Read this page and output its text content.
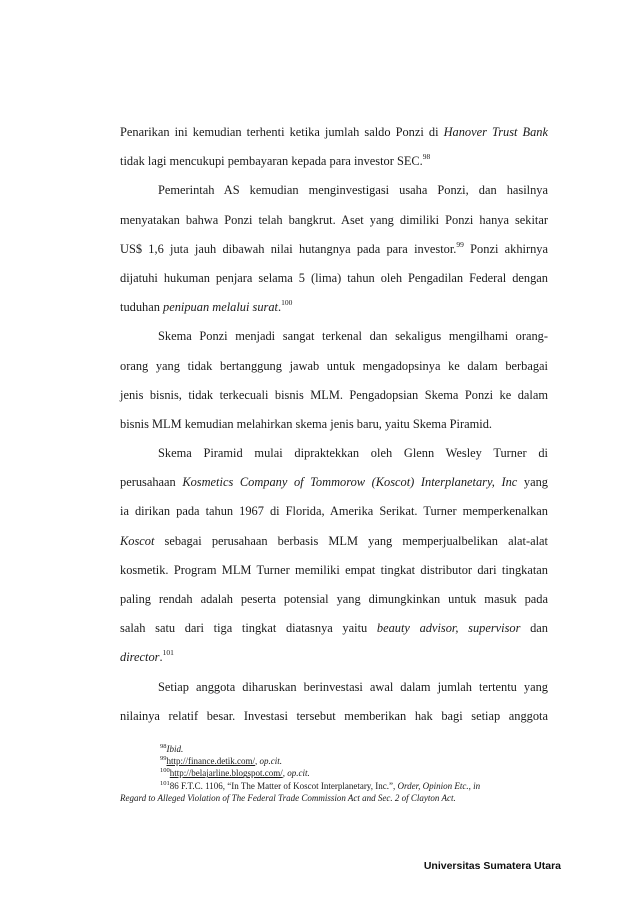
Penarikan ini kemudian terhenti ketika jumlah saldo Ponzi di Hanover Trust Bank
tidak lagi mencukupi pembayaran kepada para investor SEC.$^{98}$
Pemerintah AS kemudian menginvestigasi usaha Ponzi, dan hasilnya
menyatakan bahwa Ponzi telah bangkrut. Aset yang dimiliki Ponzi hanya sekitar
US$ 1,6 juta jauh dibawah nilai hutangnya pada para investor.$^{99}$ Ponzi akhirnya
dijatuhi hukuman penjara selama 5 (lima) tahun oleh Pengadilan Federal dengan
tuduhan penipuan melalui surat.$^{100}$
Skema Ponzi menjadi sangat terkenal dan sekaligus mengilhami orang-
orang yang tidak bertanggung jawab untuk mengadopsinya ke dalam berbagai
jenis bisnis, tidak terkecuali bisnis MLM. Pengadopsian Skema Ponzi ke dalam
bisnis MLM kemudian melahirkan skema jenis baru, yaitu Skema Piramid.
Skema Piramid mulai dipraktekkan oleh Glenn Wesley Turner di
perusahaan Kosmetics Company of Tommorow (Koscot) Interplanetary, Inc yang
ia dirikan pada tahun 1967 di Florida, Amerika Serikat. Turner memperkenalkan
Koscot sebagai perusahaan berbasis MLM yang memperjualbelikan alat-alat
kosmetik. Program MLM Turner memiliki empat tingkat distributor dari tingkatan
paling rendah adalah peserta potensial yang dimungkinkan untuk masuk pada
salah satu dari tiga tingkat diatasnya yaitu beauty advisor, supervisor dan
director.$^{101}$
Setiap anggota diharuskan berinvestasi awal dalam jumlah tertentu yang
nilainya relatif besar. Investasi tersebut memberikan hak bagi setiap anggota
$^{98}$Ibid.
$^{99}$http://finance.detik.com/, op.cit.
$^{100}$http://belajarline.blogspot.com/, op.cit.
$^{101}$86 F.T.C. 1106, “In The Matter of Koscot Interplanetary, Inc.”, Order, Opinion Etc., in
Regard to Alleged Violation of The Federal Trade Commission Act and Sec. 2 of Clayton Act.
Universitas Sumatera Utara
